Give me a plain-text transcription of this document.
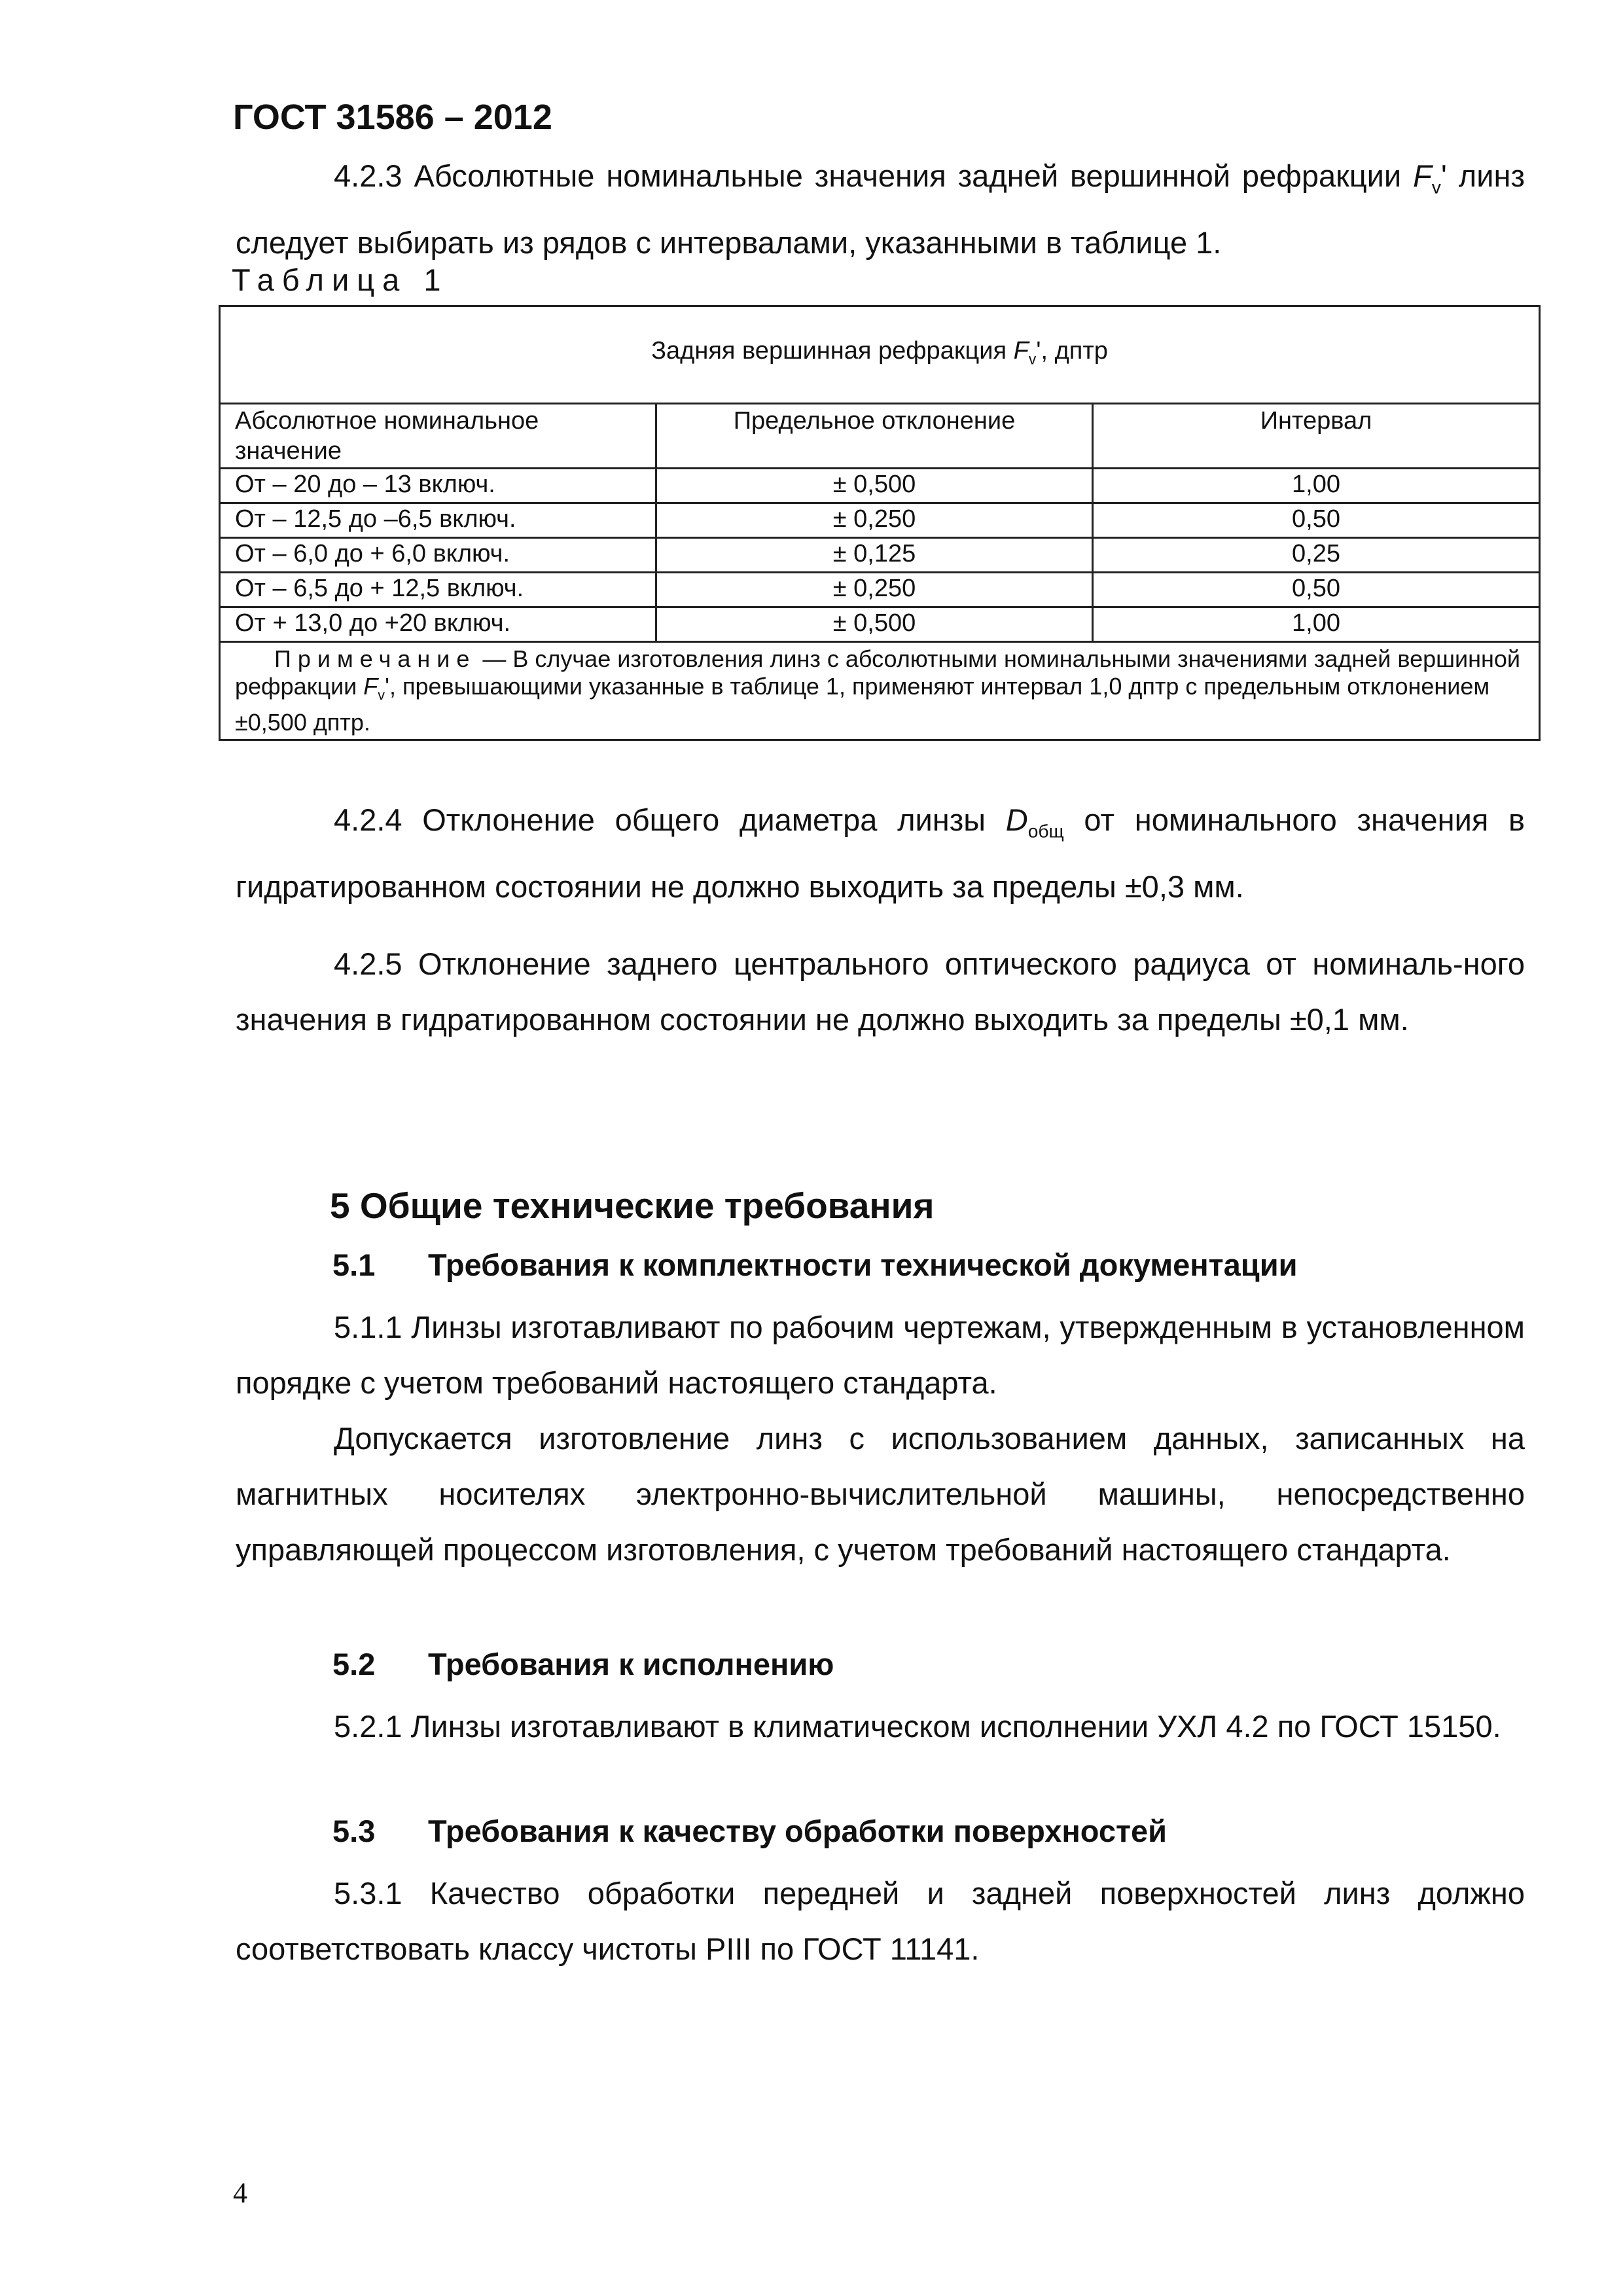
ГОСТ 31586 – 2012
4.2.3 Абсолютные номинальные значения задней вершинной рефракции $F_v'$ линз следует выбирать из рядов с интервалами, указанными в таблице 1.
Таблица 1
Задняя вершинная рефракция $F_v'$, дптр		
Абсолютное номинальное значение	Предельное отклонение	Интервал
От – 20 до – 13 включ.	± 0,500	1,00
От – 12,5 до –6,5 включ.	± 0,250	0,50
От – 6,0 до + 6,0 включ.	± 0,125	0,25
От – 6,5 до + 12,5 включ.	± 0,250	0,50
От + 13,0 до +20 включ.	± 0,500	1,00
Примечание — В случае изготовления линз с абсолютными номинальными значениями задней вершинной рефракции $F_v'$, превышающими указанные в таблице 1, применяют интервал 1,0 дптр с предельным отклонением ±0,500 дптр.		
4.2.4 Отклонение общего диаметра линзы $D_{общ}$ от номинального значения в гидратированном состоянии не должно выходить за пределы ±0,3 мм.
4.2.5 Отклонение заднего центрального оптического радиуса от номиналь-ного значения в гидратированном состоянии не должно выходить за пределы ±0,1 мм.
5 Общие технические требования
5.1 Требования к комплектности технической документации
5.1.1 Линзы изготавливают по рабочим чертежам, утвержденным в установленном порядке с учетом требований настоящего стандарта.
Допускается изготовление линз с использованием данных, записанных на магнитных носителях электронно-вычислительной машины, непосредственно управляющей процессом изготовления, с учетом требований настоящего стандарта.
5.2 Требования к исполнению
5.2.1 Линзы изготавливают в климатическом исполнении УХЛ 4.2 по ГОСТ 15150.
5.3 Требования к качеству обработки поверхностей
5.3.1 Качество обработки передней и задней поверхностей линз должно соответствовать классу чистоты PIII по ГОСТ 11141.
4
